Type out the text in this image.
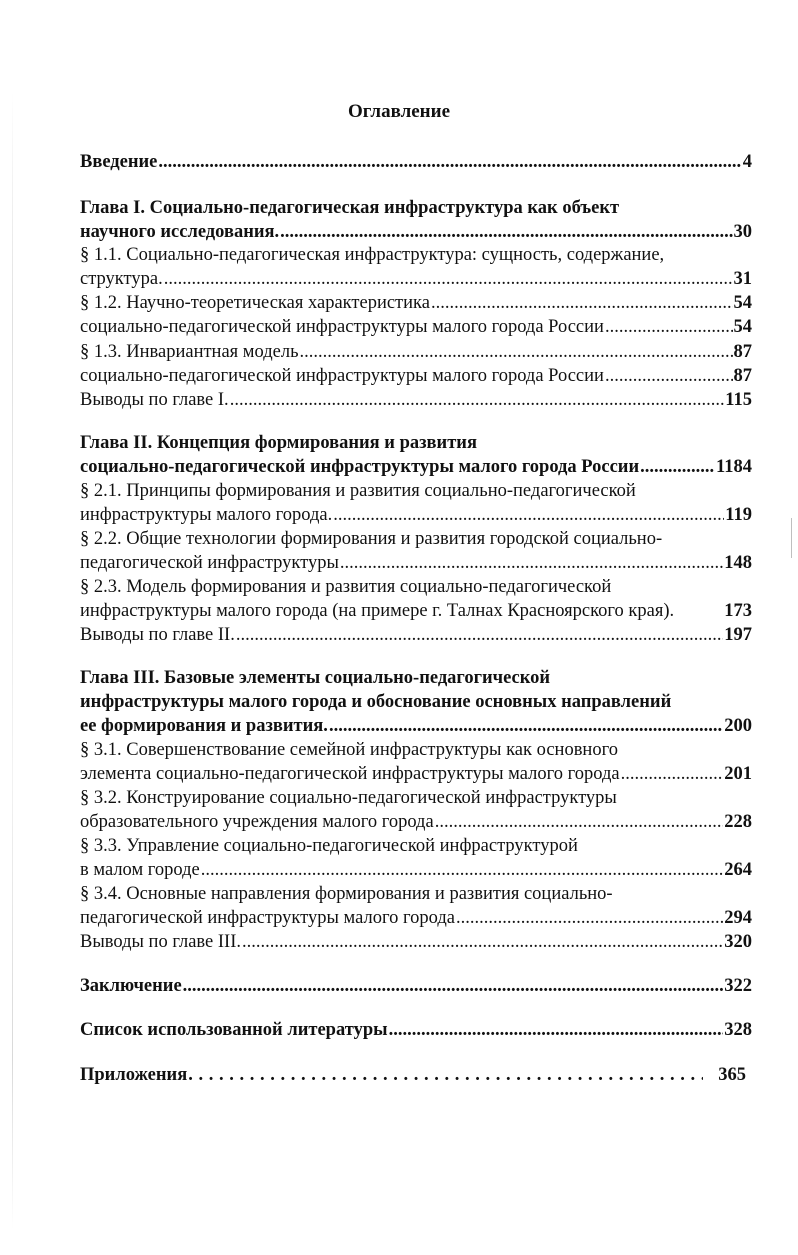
Оглавление
Введение .....	4
Глава I. Социально-педагогическая инфраструктура как объект
научного исследования. .....	30
§ 1.1. Социально-педагогическая инфраструктура: сущность, содержание,
структура. .....	31
§ 1.2. Научно-теоретическая характеристика .....	54
социально-педагогической инфраструктуры малого города России .....	54
§ 1.3. Инвариантная модель .....	87
социально-педагогической инфраструктуры малого города России .....	87
Выводы по главе I. .....	115
Глава II. Концепция формирования и развития
социально-педагогической инфраструктуры малого города России .....	1184
§ 2.1. Принципы формирования и развития социально-педагогической
инфраструктуры малого города. .....	119
§ 2.2. Общие технологии формирования и развития городской социально-
педагогической инфраструктуры .....	148
§ 2.3. Модель формирования и развития социально-педагогической
инфраструктуры малого города (на примере г. Талнах Красноярского края).	173
Выводы по главе II. .....	197
Глава III. Базовые элементы социально-педагогической
инфраструктуры малого города и обоснование основных направлений
ее формирования и развития. .....	200
§ 3.1. Совершенствование семейной инфраструктуры как основного
элемента социально-педагогической инфраструктуры малого города .....	201
§ 3.2. Конструирование социально-педагогической инфраструктуры
образовательного учреждения малого города .....	228
§ 3.3. Управление социально-педагогической инфраструктурой
в малом городе .....	264
§ 3.4. Основные направления формирования и развития социально-
педагогической инфраструктуры малого города .....	294
Выводы по главе III. .....	320
Заключение .....	322
Список использованной литературы .....	328
Приложения . . .	365
